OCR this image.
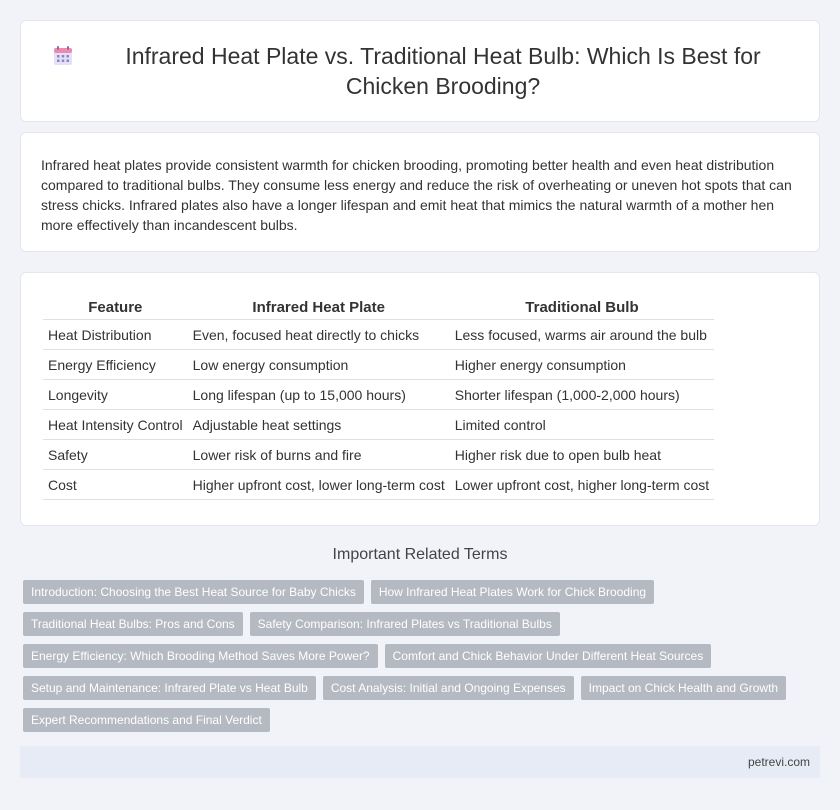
Infrared Heat Plate vs. Traditional Heat Bulb: Which Is Best for Chicken Brooding?

Infrared heat plates provide consistent warmth for chicken brooding, promoting better health and even heat distribution compared to traditional bulbs. They consume less energy and reduce the risk of overheating or uneven hot spots that can stress chicks. Infrared plates also have a longer lifespan and emit heat that mimics the natural warmth of a mother hen more effectively than incandescent bulbs.

Feature	Infrared Heat Plate	Traditional Bulb
Heat Distribution	Even, focused heat directly to chicks	Less focused, warms air around the bulb
Energy Efficiency	Low energy consumption	Higher energy consumption
Longevity	Long lifespan (up to 15,000 hours)	Shorter lifespan (1,000-2,000 hours)
Heat Intensity Control	Adjustable heat settings	Limited control
Safety	Lower risk of burns and fire	Higher risk due to open bulb heat
Cost	Higher upfront cost, lower long-term cost	Lower upfront cost, higher long-term cost
Important Related Terms
Introduction: Choosing the Best Heat Source for Baby Chicks	How Infrared Heat Plates Work for Chick Brooding
Traditional Heat Bulbs: Pros and Cons	Safety Comparison: Infrared Plates vs Traditional Bulbs
Energy Efficiency: Which Brooding Method Saves More Power?	Comfort and Chick Behavior Under Different Heat Sources
Setup and Maintenance: Infrared Plate vs Heat Bulb	Cost Analysis: Initial and Ongoing Expenses	Impact on Chick Health and Growth
Expert Recommendations and Final Verdict
petrevi.com
